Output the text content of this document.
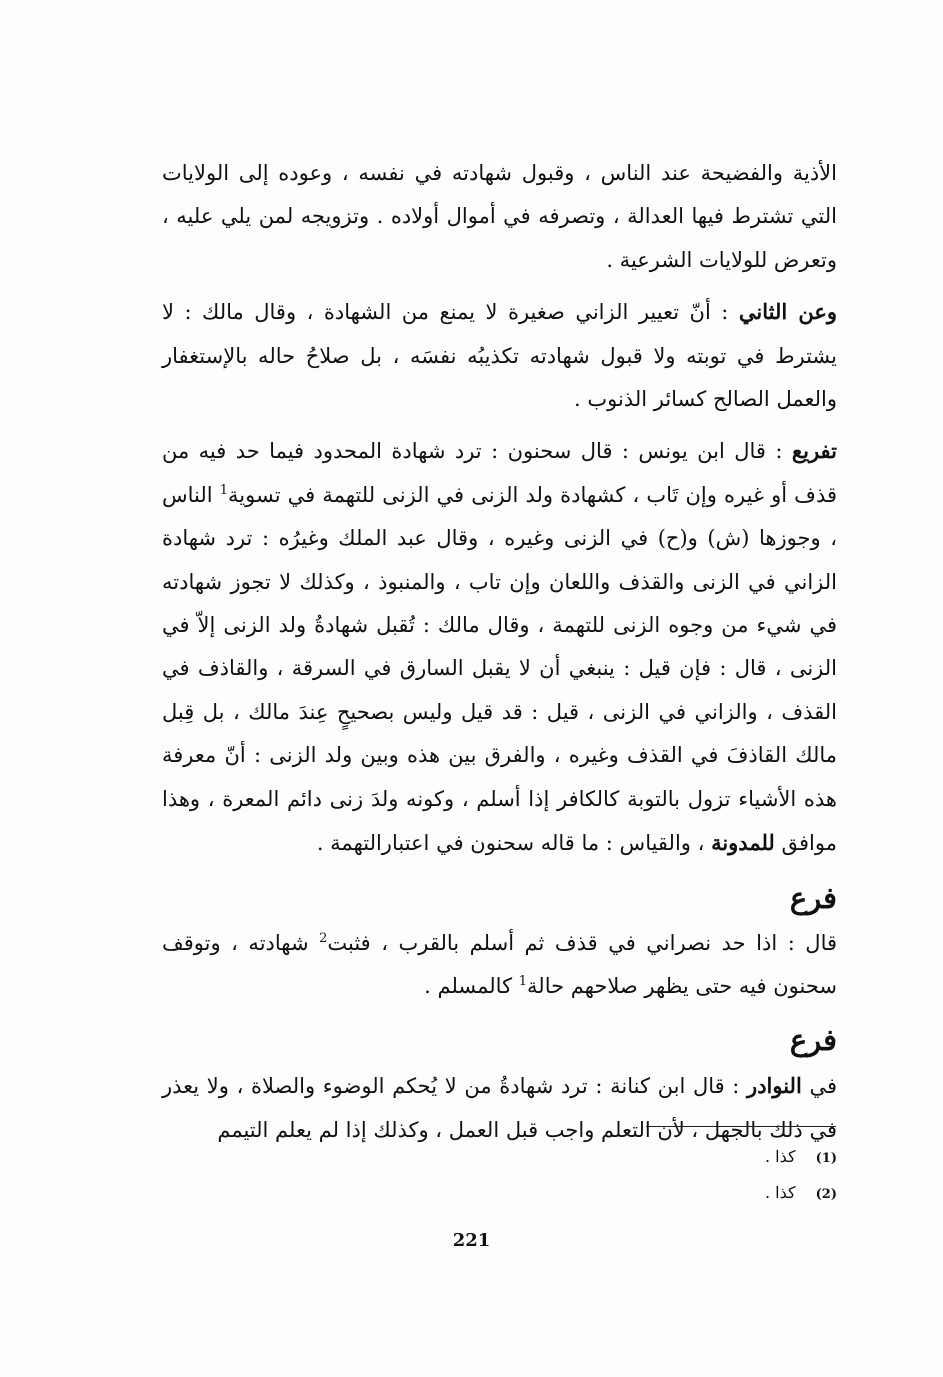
الأذية والفضيحة عند الناس ، وقبول شهادته في نفسه ، وعوده إلى الولايات التي تشترط فيها العدالة ، وتصرفه في أموال أولاده . وتزويجه لمن يلي عليه ، وتعرض للولايات الشرعية .

وعن الثاني : أنّ تعيير الزاني صغيرة لا يمنع من الشهادة ، وقال مالك : لا يشترط في توبته ولا قبول شهادته تكذيبُه نفسَه ، بل صلاحُ حاله بالإستغفار والعمل الصالح كسائر الذنوب .

تفريع : قال ابن يونس : قال سحنون : ترد شهادة المحدود فيما حد فيه من قذف أو غيره وإن تَاب ، كشهادة ولد الزنى في الزنى للتهمة في تسوية$^1$ الناس ، وجوزها (ش) و(ح) في الزنى وغيره ، وقال عبد الملك وغيرُه : ترد شهادة الزاني في الزنى والقذف واللعان وإن تاب ، والمنبوذ ، وكذلك لا تجوز شهادته في شيء من وجوه الزنى للتهمة ، وقال مالك : تُقبل شهادةُ ولد الزنى إلاّ في الزنى ، قال : فإن قيل : ينبغي أن لا يقبل السارق في السرقة ، والقاذف في القذف ، والزاني في الزنى ، قيل : قد قيل وليس بصحيحٍ عِندَ مالك ، بل قِبل مالك القاذفَ في القذف وغيره ، والفرق بين هذه وبين ولد الزنى : أنّ معرفة هذه الأشياء تزول بالتوبة كالكافر إذا أسلم ، وكونه ولدَ زنى دائم المعرة ، وهذا موافق للمدونة ، والقياس : ما قاله سحنون في اعتبارالتهمة .

فرع

قال : اذا حد نصراني في قذف ثم أسلم بالقرب ، فثبت$^2$ شهادته ، وتوقف سحنون فيه حتى يظهر صلاحهم حالة$^1$ كالمسلم .

فرع

في النوادر : قال ابن كنانة : ترد شهادةُ من لا يُحكم الوضوء والصلاة ، ولا يعذر في ذلك بالجهل ، لأن التعلم واجب قبل العمل ، وكذلك إذا لم يعلم التيمم

(1)كذا .
(2)كذا .
221
